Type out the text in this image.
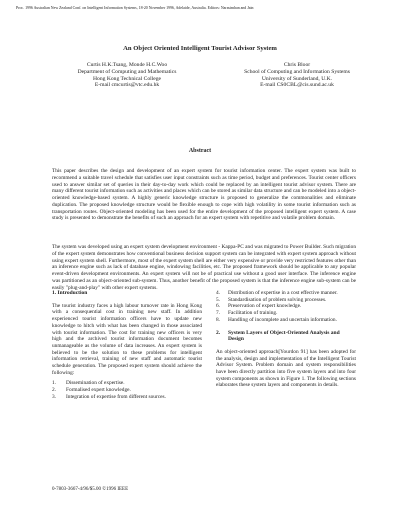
Proc. 1996 Australian New Zealand Conf. on Intelligent Information Systems, 18-20 November 1996, Adelaide, Australia. Editors: Narasimhan and Jain
An Object Oriented Intelligent Tourist Advisor System
Curtis H.K.Tsang, Monde H.C.Woo
Department of Computing and Mathematics
Hong Kong Technical College
E-mail cmcurtis@vtc.edu.hk
Chris Bloor
School of Computing and Information Systems
University of Sunderland, U.K.
E-mail CS0CBL@cis.sund.ac.uk
Abstract

This paper describes the design and development of an expert system for tourist information center. The expert system was built to recommend a suitable travel schedule that satisfies user input constraints such as time period, budget and preferences. Tourist center officers used to answer similar set of queries in their day-to-day work which could be replaced by an intelligent tourist advisor system. There are many different tourist information such as activities and places which can be stored as similar data structure and can be modeled into a object-oriented knowledge-based system. A highly generic knowledge structure is proposed to generalize the commonalities and eliminate duplication. The proposed knowledge structure would be flexible enough to cope with high volatility in some tourist information such as transportation routes. Object-oriented modeling has been used for the entire development of the proposed intelligent expert system. A case study is presented to demonstrate the benefits of such an approach for an expert system with repetitive and volatile problem domain.

The system was developed using an expert system development environment - Kappa-PC and was migrated to Power Builder. Such migration of the expert system demonstrates how conventional business decision support system can be integrated with expert system approach without using expert system shell. Furthermore, most of the expert system shell are either very expensive or provide very restricted features other than an inference engine such as lack of database engine, windowing facilities, etc. The proposed framework should be applicable to any popular event-driven development environments. An expert system will not be of practical use without a good user interface. The inference engine was partitioned as an object-oriented sub-system. Thus, another benefit of the proposed system is that the inference engine sub-system can be easily "plug-and-play" with other expert systems.

1. Introduction

The tourist industry faces a high labour turnover rate in Hong Kong with a consequential cost in training new staff. In addition experienced tourist information officers have to update new knowledge to hitch with what has been changed in those associated with tourist information. The cost for training new officers is very high and the archived tourist information document becomes unmanageable as the volume of data increases. An expert system is believed to be the solution to these problems for intelligent information retrieval, training of new staff and automatic tourist schedule generation. The proposed expert system should achieve the following:

1.	Dissemination of expertise.
2.	Formalised expert knowledge.
3.	Integration of expertise from different sources.
4.	Distribution of expertise in a cost effective manner.
5.	Standardisation of problem solving processes.
6.	Preservation of expert knowledge.
7.	Facilitation of training.
8.	Handling of incomplete and uncertain information.
2. System Layers of Object-Oriented Analysis and Design

An object-oriented approach[Yourdon 91] has been adopted for the analysis, design and implementation of the Intelligent Tourist Advisor System. Problem domain and system responsibilities have been directly partition into five system layers and into four system components as shown in Figure 1. The following sections elaborates these system layers and components in details.

0-7803-3667-4/96/$5.00 ©1996 IEEE
